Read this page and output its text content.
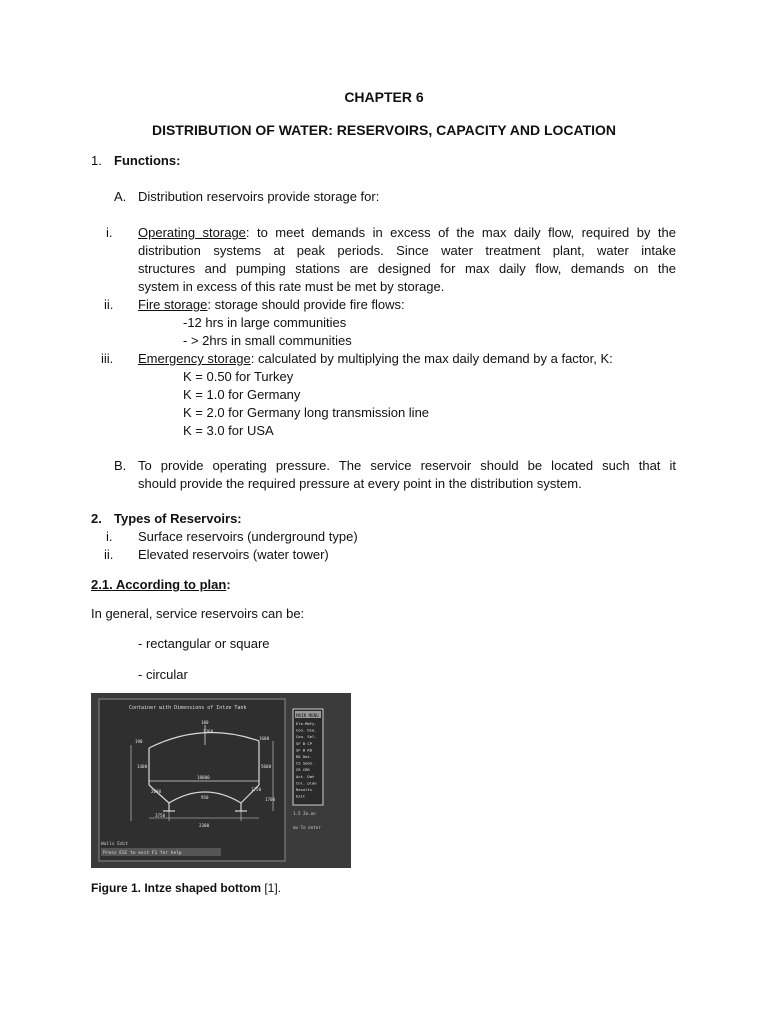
CHAPTER 6
DISTRIBUTION OF WATER: RESERVOIRS, CAPACITY AND LOCATION
1. Functions:
A. Distribution reservoirs provide storage for:
i. Operating storage: to meet demands in excess of the max daily flow, required by the
distribution systems at peak periods. Since water treatment plant, water intake
structures and pumping stations are designed for max daily flow, demands on the
system in excess of this rate must be met by storage.
ii. Fire storage: storage should provide fire flows:
-12 hrs in large communities
- > 2hrs in small communities
iii. Emergency storage: calculated by multiplying the max daily demand by a factor, K:
K = 0.50 for Turkey
K = 1.0 for Germany
K = 2.0 for Germany long transmission line
K = 3.0 for USA
B. To provide operating pressure. The service reservoir should be located such that it
should provide the required pressure at every point in the distribution system.
2. Types of Reservoirs:
i. Surface reservoirs (underground type)
ii. Elevated reservoirs (water tower)
2.1. According to plan:
In general, service reservoirs can be:
- rectangular or square
- circular
Container with Dimensions of Intze Tank
100
1360
1600
190
1400	5600
18000
2000	1750
950	1700
3750
2300
Walls Edit
Press ESC to exit F1 for help
MAIN MENU
Ele.Mdfy.
Con. Dia.
Con. Sel.
SF B CP
SF B RD
RD Dat.
CS Sedn.
CR CRR
Act. Dat
Cnl. plan
Results
Exit
1.5 Zo.on
mv To enter
Figure 1. Intze shaped bottom [1].
